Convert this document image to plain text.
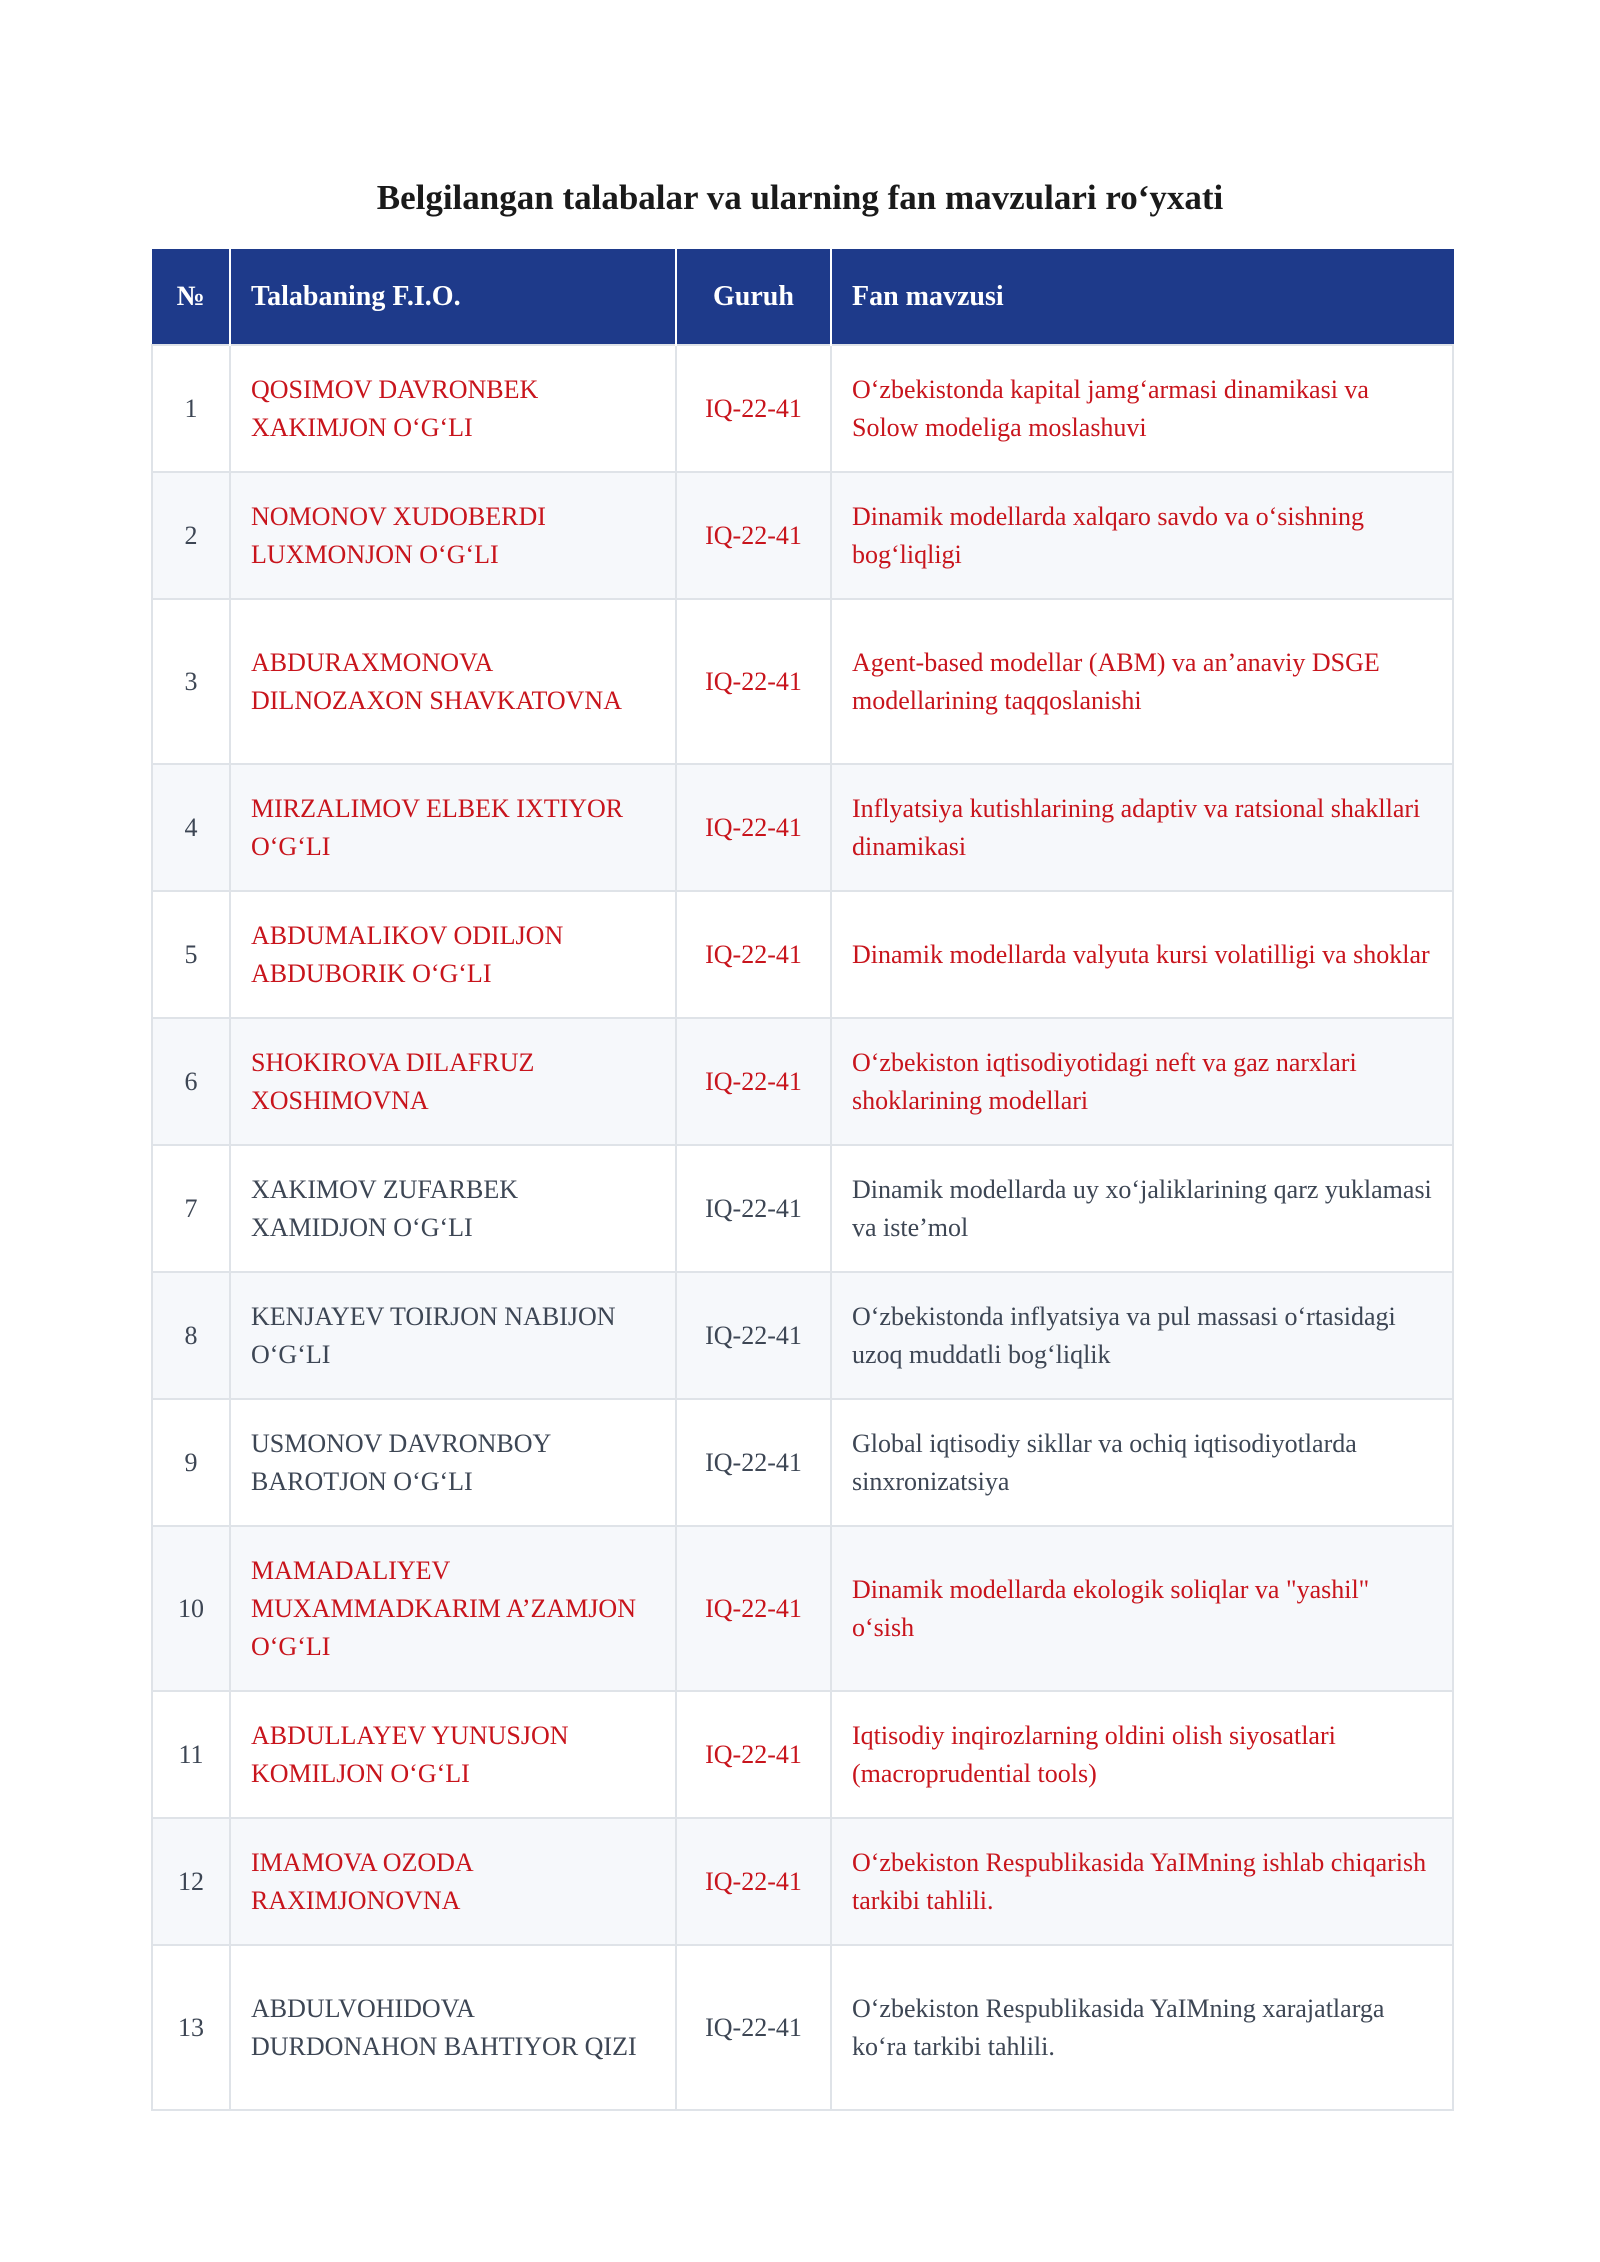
Belgilangan talabalar va ularning fan mavzulari ro‘yxati
№	Talabaning F.I.O.	Guruh	Fan mavzusi
1	QOSIMOV DAVRONBEK XAKIMJON O‘G‘LI	IQ-22-41	O‘zbekistonda kapital jamg‘armasi dinamikasi va Solow modeliga moslashuvi
2	NOMONOV XUDOBERDI LUXMONJON O‘G‘LI	IQ-22-41	Dinamik modellarda xalqaro savdo va o‘sishning bog‘liqligi
3	ABDURAXMONOVA DILNOZAXON SHAVKATOVNA	IQ-22-41	Agent-based modellar (ABM) va an’anaviy DSGE modellarining taqqoslanishi
4	MIRZALIMOV ELBEK IXTIYOR O‘G‘LI	IQ-22-41	Inflyatsiya kutishlarining adaptiv va ratsional shakllari dinamikasi
5	ABDUMALIKOV ODILJON ABDUBORIK O‘G‘LI	IQ-22-41	Dinamik modellarda valyuta kursi volatilligi va shoklar
6	SHOKIROVA DILAFRUZ XOSHIMOVNA	IQ-22-41	O‘zbekiston iqtisodiyotidagi neft va gaz narxlari shoklarining modellari
7	XAKIMOV ZUFARBEK XAMIDJON O‘G‘LI	IQ-22-41	Dinamik modellarda uy xo‘jaliklarining qarz yuklamasi va iste’mol
8	KENJAYEV TOIRJON NABIJON O‘G‘LI	IQ-22-41	O‘zbekistonda inflyatsiya va pul massasi o‘rtasidagi uzoq muddatli bog‘liqlik
9	USMONOV DAVRONBOY BAROTJON O‘G‘LI	IQ-22-41	Global iqtisodiy sikllar va ochiq iqtisodiyotlarda sinxronizatsiya
10	MAMADALIYEV MUXAMMADKARIM A’ZAMJON O‘G‘LI	IQ-22-41	Dinamik modellarda ekologik soliqlar va "yashil" o‘sish
11	ABDULLAYEV YUNUSJON KOMILJON O‘G‘LI	IQ-22-41	Iqtisodiy inqirozlarning oldini olish siyosatlari (macroprudential tools)
12	IMAMOVA OZODA RAXIMJONOVNA	IQ-22-41	O‘zbekiston Respublikasida YaIMning ishlab chiqarish tarkibi tahlili.
13	ABDULVOHIDOVA DURDONAHON BAHTIYOR QIZI	IQ-22-41	O‘zbekiston Respublikasida YaIMning xarajatlarga ko‘ra tarkibi tahlili.
